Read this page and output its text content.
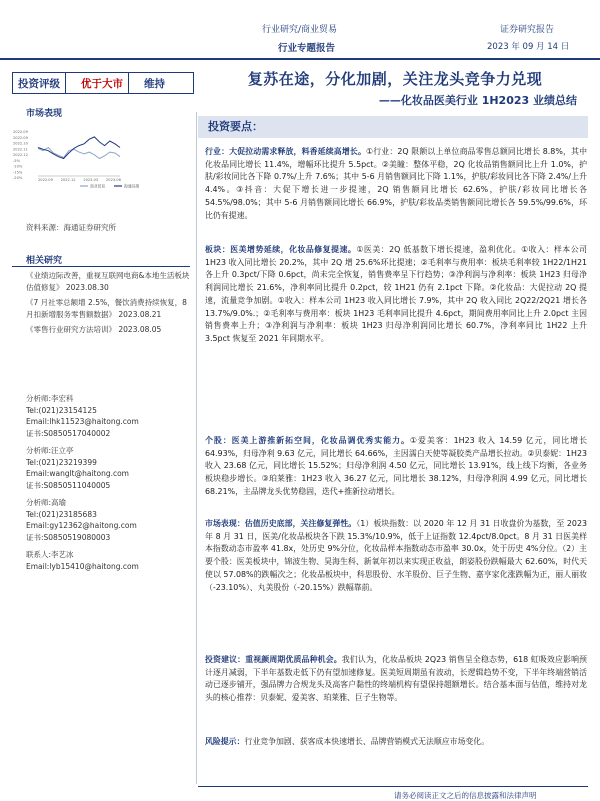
行业研究/商业贸易
行业专题报告
证券研究报告
2023 年 09 月 14 日
投资评级	优于大市	维持
市场表现
2022.09
2022.09
2022.10
2022.11
2022.12
-5%
-10%
-15%
-20%	2022.09 2022.12 2023.03 2023.06
商业贸易	海通综指
资料来源：海通证券研究所
相关研究
《业绩边际改善，重视互联网电商&本地生活板块估值修复》 2023.08.30
《7 月社零总额增 2.5%，餐饮消费持续恢复，8 月扣新增服务零售额数据》 2023.08.21
《零售行业研究方法培训》 2023.08.05
分析师:李宏科
Tel:(021)23154125
Email:lhk11523@haitong.com
证书:S0850517040002
分析师:汪立亭
Tel:(021)23219399
Email:wanglt@haitong.com
证书:S0850511040005
分析师:高瑜
Tel:(021)23185683
Email:gy12362@haitong.com
证书:S0850519080003
联系人:李艺冰
Email:lyb15410@haitong.com
复苏在途，分化加剧，关注龙头竞争力兑现
——化妆品医美行业 1H2023 业绩总结
投资要点：
行业：大促拉动需求释放，料香延续高增长。①行业：2Q 限额以上单位商品零售总额同比增长 8.8%，其中化妆品同比增长 11.4%，增幅环比提升 5.5pct。②美瞳：整体平稳，2Q 化妆品销售额同比上升 1.0%，护肤/彩妆同比各下降 0.7%/上升 7.6%；其中 5-6 月销售额同比下降 1.1%，护肤/彩妆同比各下降 2.4%/上升 4.4%。③抖音：大促下增长进一步提速，2Q 销售额同比增长 62.6%，护肤/彩妆同比增长各 54.5%/98.0%；其中 5-6 月销售额同比增长 66.9%，护肤/彩妆品类销售额同比增长各 59.5%/99.6%，环比仍有提速。
板块：医美增势延续，化妆品修复提速。①医美：2Q 低基数下增长提速，盈利优化。①收入：样本公司 1H23 收入同比增长 20.2%，其中 2Q 增 25.6%环比提速；②毛利率与费用率：板块毛利率较 1H22/1H21 各上升 0.3pct/下降 0.6pct，尚未完全恢复，销售费率呈下行趋势；③净利润与净利率：板块 1H23 归母净利润同比增长 21.6%，净利率同比提升 0.2pct，较 1H21 仍有 2.1pct 下降。②化妆品：大促拉动 2Q 提速，流量竞争加剧。①收入：样本公司 1H23 收入同比增长 7.9%，其中 2Q 收入同比 2Q22/2Q21 增长各 13.7%/9.0%.；②毛利率与费用率：板块 1H23 毛利率同比提升 4.6pct，期间费用率同比上升 2.0pct 主因销售费率上升；③净利润与净利率：板块 1H23 归母净利润同比增长 60.7%，净利率同比 1H22 上升 3.5pct 恢复至 2021 年同期水平。
个股：医美上游推新拓空间，化妆品调优秀实能力。①爱美客：1H23 收入 14.59 亿元，同比增长 64.93%，归母净利 9.63 亿元，同比增长 64.66%，主因濡白天使等凝胶类产品增长拉动。②贝泰妮：1H23 收入 23.68 亿元，同比增长 15.52%；归母净利润 4.50 亿元，同比增长 13.91%，线上线下均衡，各业务板块稳步增长。③珀莱雅：1H23 收入 36.27 亿元，同比增长 38.12%，归母净利润 4.99 亿元，同比增长 68.21%，主品牌龙头优势稳固，迭代+推新拉动增长。
市场表现：估值历史底部，关注修复弹性。（1）板块指数：以 2020 年 12 月 31 日收盘价为基数，至 2023 年 8 月 31 日，医美/化妆品板块各下跌 15.3%/10.9%，低于上证指数 12.4pct/8.0pct。8 月 31 日医美样本指数动态市盈率 41.8x，处历史 9%分位，化妆品样本指数动态市盈率 30.0x，处于历史 4%分位。（2）主要个股：医美板块中，锦波生物、昊海生科、新氧年初以来实现正收益，朗姿股份跌幅最大 62.60%，时代天使以 57.08%的跌幅次之；化妆品板块中，科思股份、水羊股份、巨子生物、嘉亨家化涨跌幅为正，丽人丽妆（-23.10%）、丸美股份（-20.15%）跌幅靠前。
投资建议：重视颜周期优质品种机会。我们认为，化妆品板块 2Q23 销售呈全稳态势，618 虹吸效应影响预计逐月减弱，下半年基数走低下仍有望加速修复。医美短周期虽有波动，长逻辑趋势不变，下半年终端营销活动已逐步铺开，强品牌力合规龙头及高客户黏性的终端机构有望保持超额增长。结合基本面与估值，维持对龙头的核心推荐：贝泰妮、爱美客、珀莱雅、巨子生物等。
风险提示：行业竞争加剧、获客成本快速增长、品牌营销模式无法顺应市场变化。
请务必阅读正文之后的信息披露和法律声明
